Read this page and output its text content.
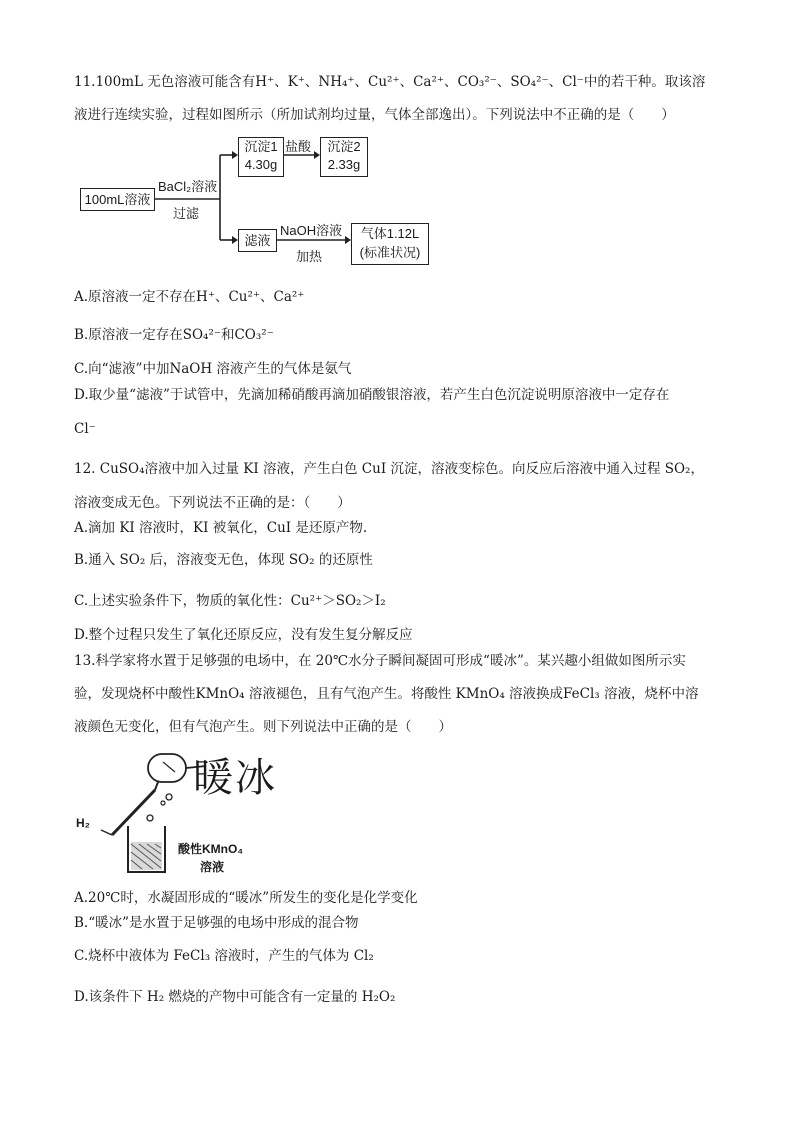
11.100mL 无色溶液可能含有H⁺、K⁺、NH₄⁺、Cu²⁺、Ca²⁺、CO₃²⁻、SO₄²⁻、Cl⁻中的若干种。取该溶
液进行连续实验，过程如图所示（所加试剂均过量，气体全部逸出）。下列说法中不正确的是（　　）
100mL溶液
BaCl₂溶液
过滤
沉淀1
4.30g
盐酸	沉淀2
2.33g
滤液
NaOH溶液
加热
气体1.12L
(标准状况)
A.原溶液一定不存在H⁺、Cu²⁺、Ca²⁺
B.原溶液一定存在SO₄²⁻和CO₃²⁻
C.向“滤液”中加NaOH 溶液产生的气体是氨气
D.取少量“滤液”于试管中，先滴加稀硝酸再滴加硝酸银溶液，若产生白色沉淀说明原溶液中一定存在
Cl⁻
12. CuSO₄溶液中加入过量 KI 溶液，产生白色 CuI 沉淀，溶液变棕色。向反应后溶液中通入过程 SO₂，
溶液变成无色。下列说法不正确的是：（　　）
A.滴加 KI 溶液时，KI 被氧化，CuI 是还原产物.
B.通入 SO₂ 后，溶液变无色，体现 SO₂ 的还原性
C.上述实验条件下，物质的氧化性：Cu²⁺＞SO₂＞I₂
D.整个过程只发生了氧化还原反应，没有发生复分解反应
13.科学家将水置于足够强的电场中，在 20℃水分子瞬间凝固可形成“暖冰”。某兴趣小组做如图所示实
验，发现烧杯中酸性KMnO₄ 溶液褪色，且有气泡产生。将酸性 KMnO₄ 溶液换成FeCl₃ 溶液，烧杯中溶
液颜色无变化，但有气泡产生。则下列说法中正确的是（　　）
暖冰
H₂
酸性KMnO₄
溶液
A.20℃时，水凝固形成的“暖冰”所发生的变化是化学变化
B.“暖冰”是水置于足够强的电场中形成的混合物
C.烧杯中液体为 FeCl₃ 溶液时，产生的气体为 Cl₂
D.该条件下 H₂ 燃烧的产物中可能含有一定量的 H₂O₂
